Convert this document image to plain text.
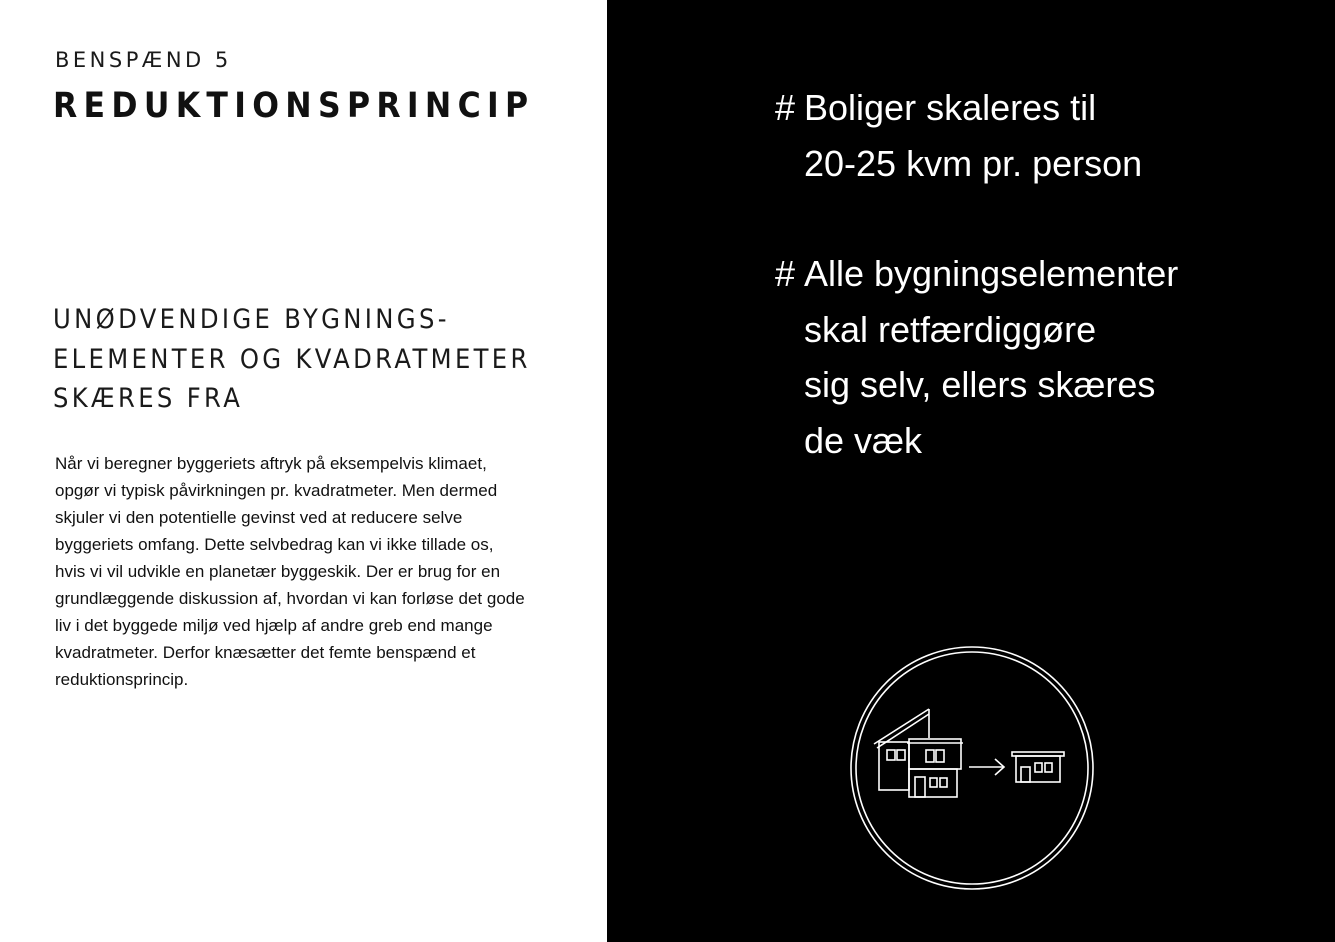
BENSPÆND 5
REDUKTIONSPRINCIP
UNØDVENDIGE BYGNINGS-
ELEMENTER OG KVADRATMETER
SKÆRES FRA
Når vi beregner byggeriets aftryk på eksempelvis klimaet,
opgør vi typisk påvirkningen pr. kvadratmeter. Men dermed
skjuler vi den potentielle gevinst ved at reducere selve
byggeriets omfang. Dette selvbedrag kan vi ikke tillade os,
hvis vi vil udvikle en planetær byggeskik. Der er brug for en
grundlæggende diskussion af, hvordan vi kan forløse det gode
liv i det byggede miljø ved hjælp af andre greb end mange
kvadratmeter. Derfor knæsætter det femte benspænd et
reduktionsprincip.
# Boliger skaleres til
20-25 kvm pr. person
# Alle bygningselementer
skal retfærdiggøre
sig selv, ellers skæres
de væk
